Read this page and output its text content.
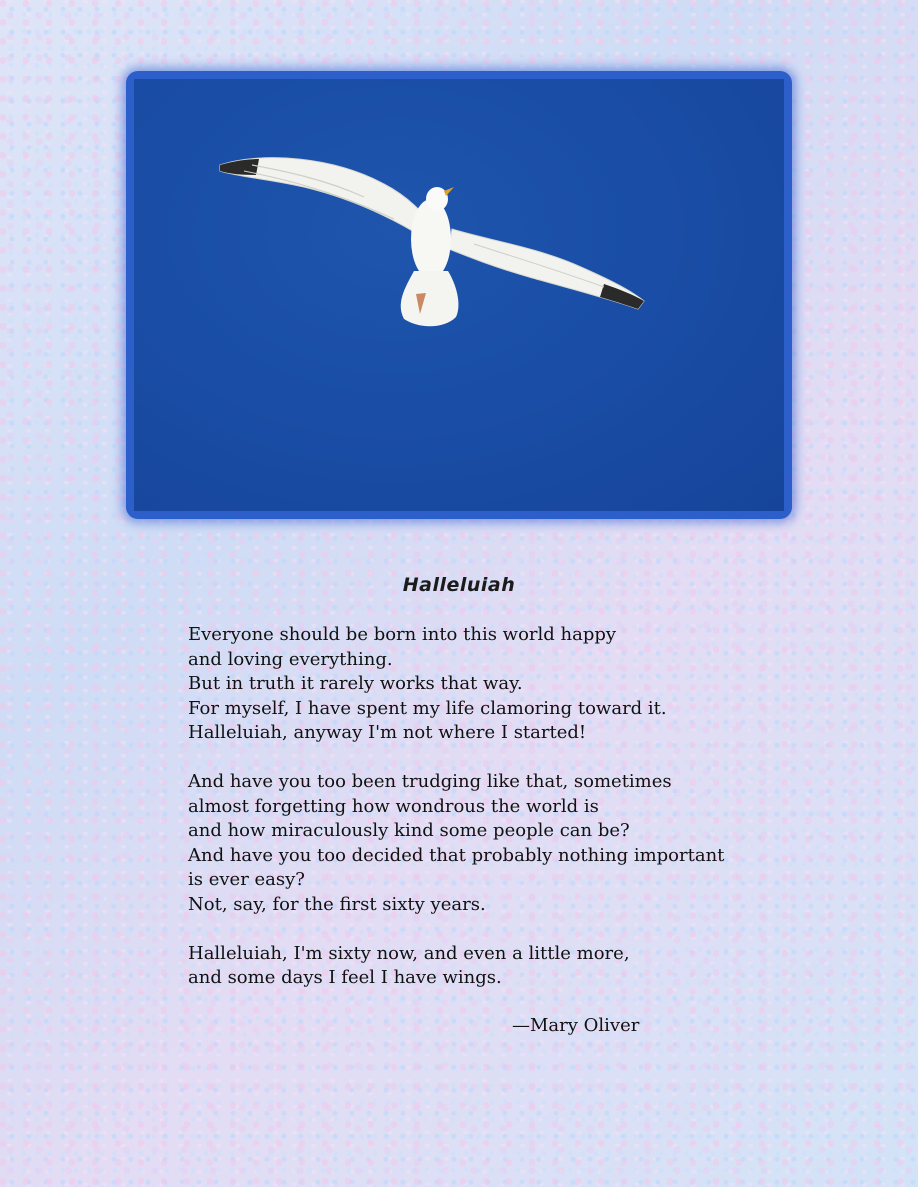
Halleluiah
Everyone should be born into this world happy
and loving everything.
But in truth it rarely works that way.
For myself, I have spent my life clamoring toward it.
Halleluiah, anyway I'm not where I started!
And have you too been trudging like that, sometimes
almost forgetting how wondrous the world is
and how miraculously kind some people can be?
And have you too decided that probably nothing important
is ever easy?
Not, say, for the first sixty years.
Halleluiah, I'm sixty now, and even a little more,
and some days I feel I have wings.
—Mary Oliver
